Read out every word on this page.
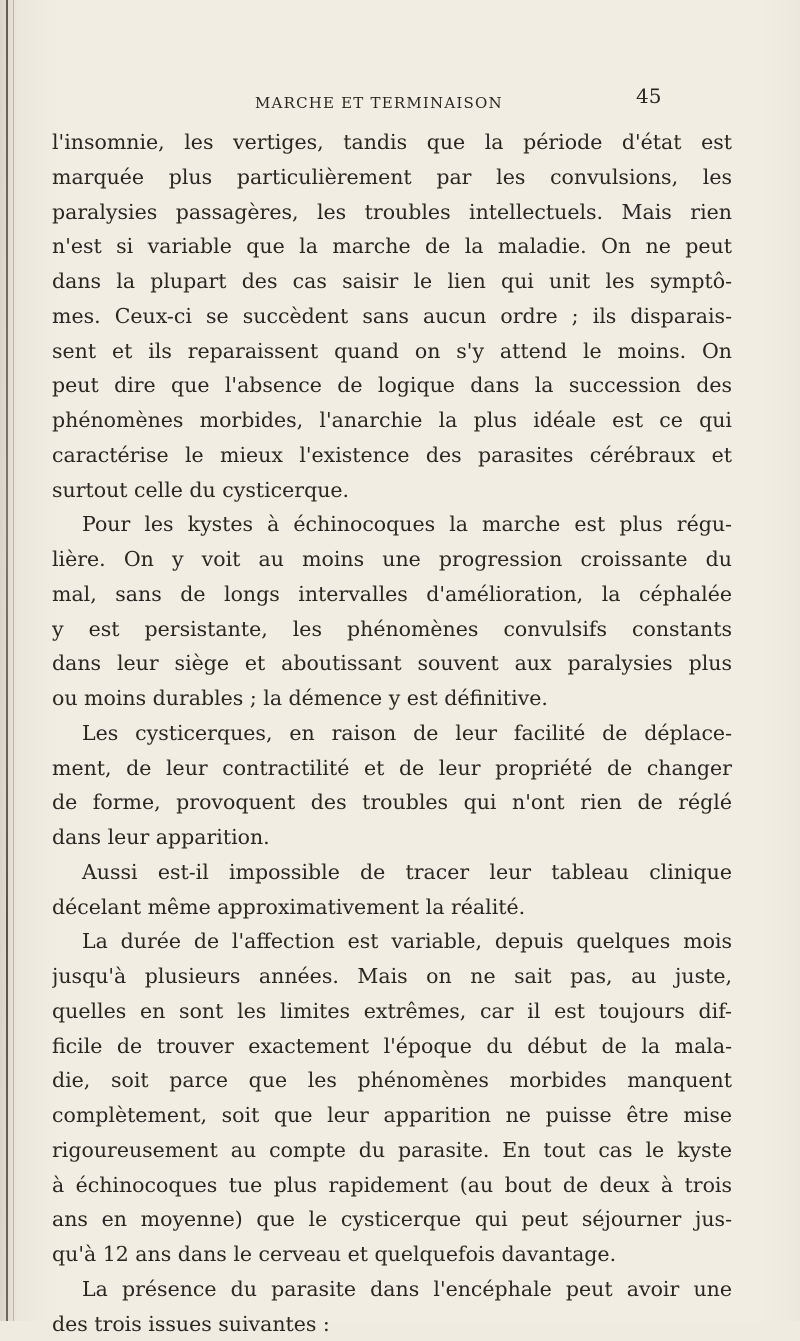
MARCHE ET TERMINAISON	45
l'insomnie, les vertiges, tandis que la période d'état est
marquée plus particulièrement par les convulsions, les
paralysies passagères, les troubles intellectuels. Mais rien
n'est si variable que la marche de la maladie. On ne peut
dans la plupart des cas saisir le lien qui unit les symptô-
mes. Ceux-ci se succèdent sans aucun ordre ; ils disparais-
sent et ils reparaissent quand on s'y attend le moins. On
peut dire que l'absence de logique dans la succession des
phénomènes morbides, l'anarchie la plus idéale est ce qui
caractérise le mieux l'existence des parasites cérébraux et
surtout celle du cysticerque.
Pour les kystes à échinocoques la marche est plus régu-
lière. On y voit au moins une progression croissante du
mal, sans de longs intervalles d'amélioration, la céphalée
y est persistante, les phénomènes convulsifs constants
dans leur siège et aboutissant souvent aux paralysies plus
ou moins durables ; la démence y est définitive.
Les cysticerques, en raison de leur facilité de déplace-
ment, de leur contractilité et de leur propriété de changer
de forme, provoquent des troubles qui n'ont rien de réglé
dans leur apparition.
Aussi est-il impossible de tracer leur tableau clinique
décelant même approximativement la réalité.
La durée de l'affection est variable, depuis quelques mois
jusqu'à plusieurs années. Mais on ne sait pas, au juste,
quelles en sont les limites extrêmes, car il est toujours dif-
ficile de trouver exactement l'époque du début de la mala-
die, soit parce que les phénomènes morbides manquent
complètement, soit que leur apparition ne puisse être mise
rigoureusement au compte du parasite. En tout cas le kyste
à échinocoques tue plus rapidement (au bout de deux à trois
ans en moyenne) que le cysticerque qui peut séjourner jus-
qu'à 12 ans dans le cerveau et quelquefois davantage.
La présence du parasite dans l'encéphale peut avoir une
des trois issues suivantes :
